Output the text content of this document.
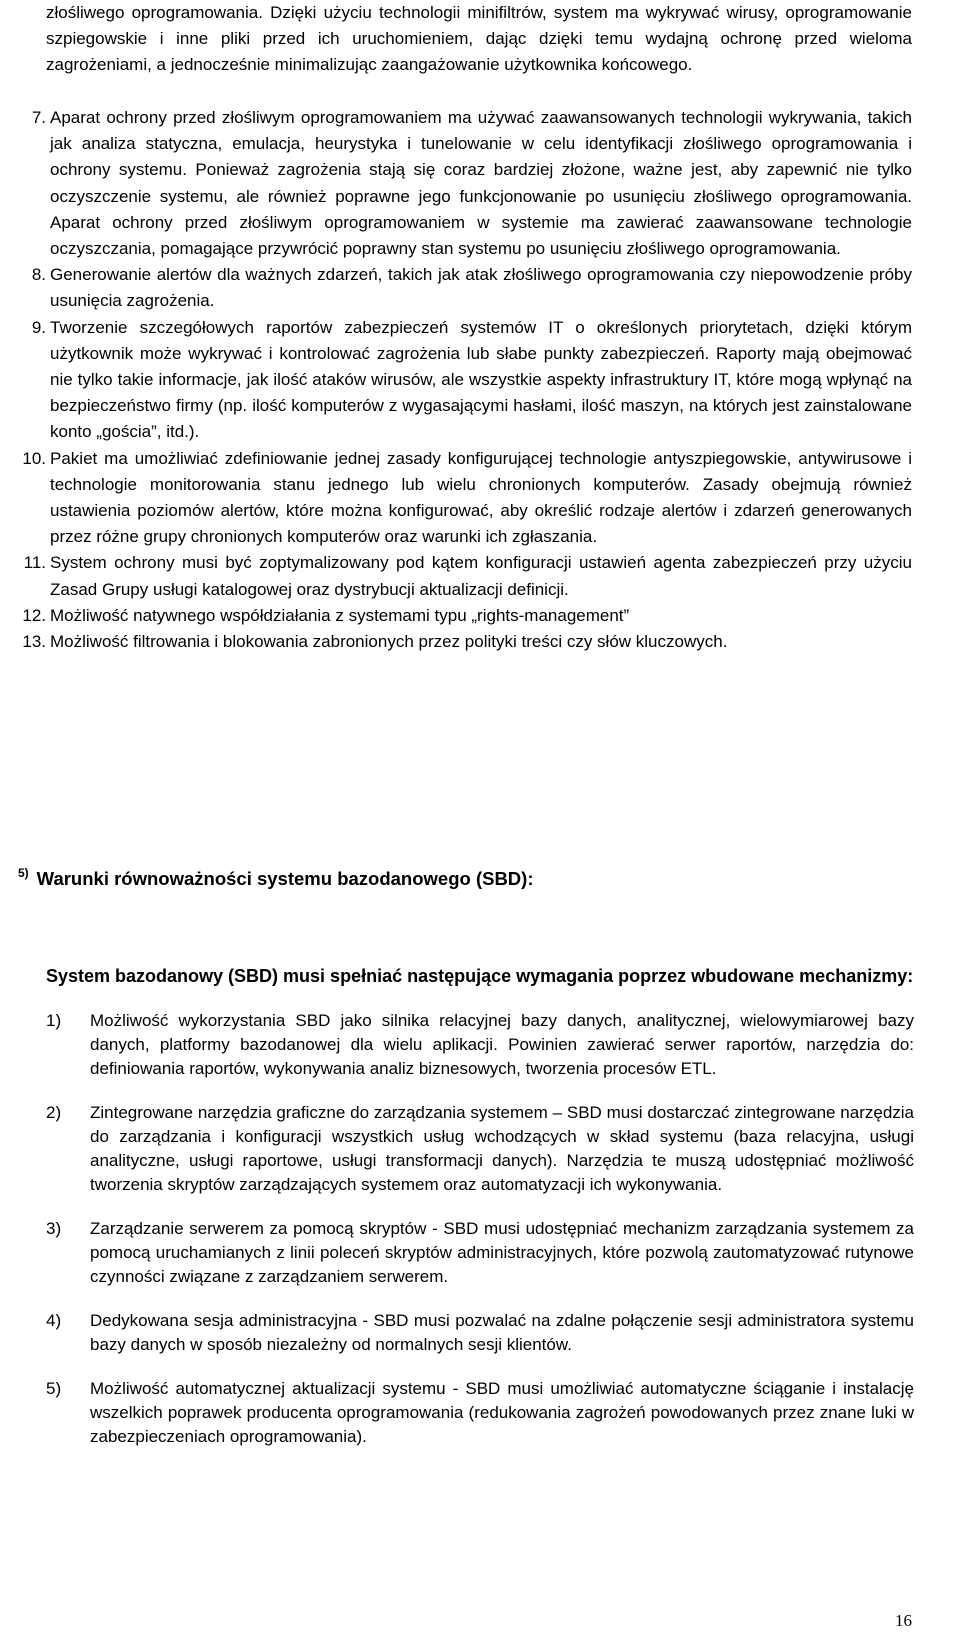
złośliwego oprogramowania. Dzięki użyciu technologii minifiltrów, system ma wykrywać wirusy, oprogramowanie szpiegowskie i inne pliki przed ich uruchomieniem, dając dzięki temu wydajną ochronę przed wieloma zagrożeniami, a jednocześnie minimalizując zaangażowanie użytkownika końcowego.

7. Aparat ochrony przed złośliwym oprogramowaniem ma używać zaawansowanych technologii wykrywania, takich jak analiza statyczna, emulacja, heurystyka i tunelowanie w celu identyfikacji złośliwego oprogramowania i ochrony systemu. Ponieważ zagrożenia stają się coraz bardziej złożone, ważne jest, aby zapewnić nie tylko oczyszczenie systemu, ale również poprawne jego funkcjonowanie po usunięciu złośliwego oprogramowania. Aparat ochrony przed złośliwym oprogramowaniem w systemie ma zawierać zaawansowane technologie oczyszczania, pomagające przywrócić poprawny stan systemu po usunięciu złośliwego oprogramowania.
8. Generowanie alertów dla ważnych zdarzeń, takich jak atak złośliwego oprogramowania czy niepowodzenie próby usunięcia zagrożenia.
9. Tworzenie szczegółowych raportów zabezpieczeń systemów IT o określonych priorytetach, dzięki którym użytkownik może wykrywać i kontrolować zagrożenia lub słabe punkty zabezpieczeń. Raporty mają obejmować nie tylko takie informacje, jak ilość ataków wirusów, ale wszystkie aspekty infrastruktury IT, które mogą wpłynąć na bezpieczeństwo firmy (np. ilość komputerów z wygasającymi hasłami, ilość maszyn, na których jest zainstalowane konto „gościa”, itd.).
10. Pakiet ma umożliwiać zdefiniowanie jednej zasady konfigurującej technologie antyszpiegowskie, antywirusowe i technologie monitorowania stanu jednego lub wielu chronionych komputerów. Zasady obejmują również ustawienia poziomów alertów, które można konfigurować, aby określić rodzaje alertów i zdarzeń generowanych przez różne grupy chronionych komputerów oraz warunki ich zgłaszania.
11. System ochrony musi być zoptymalizowany pod kątem konfiguracji ustawień agenta zabezpieczeń przy użyciu Zasad Grupy usługi katalogowej oraz dystrybucji aktualizacji definicji.
12. Możliwość natywnego współdziałania z systemami typu „rights-management”
13. Możliwość filtrowania i blokowania zabronionych przez polityki treści czy słów kluczowych.
$^{5)}$ Warunki równoważności systemu bazodanowego (SBD):

System bazodanowy (SBD) musi spełniać następujące wymagania poprzez wbudowane mechanizmy:

1)	Możliwość wykorzystania SBD jako silnika relacyjnej bazy danych, analitycznej, wielowymiarowej bazy danych, platformy bazodanowej dla wielu aplikacji. Powinien zawierać serwer raportów, narzędzia do: definiowania raportów, wykonywania analiz biznesowych, tworzenia procesów ETL.
2)	Zintegrowane narzędzia graficzne do zarządzania systemem – SBD musi dostarczać zintegrowane narzędzia do zarządzania i konfiguracji wszystkich usług wchodzących w skład systemu (baza relacyjna, usługi analityczne, usługi raportowe, usługi transformacji danych). Narzędzia te muszą udostępniać możliwość tworzenia skryptów zarządzających systemem oraz automatyzacji ich wykonywania.
3)	Zarządzanie serwerem za pomocą skryptów - SBD musi udostępniać mechanizm zarządzania systemem za pomocą uruchamianych z linii poleceń skryptów administracyjnych, które pozwolą zautomatyzować rutynowe czynności związane z zarządzaniem serwerem.
4)	Dedykowana sesja administracyjna - SBD musi pozwalać na zdalne połączenie sesji administratora systemu bazy danych w sposób niezależny od normalnych sesji klientów.
5)	Możliwość automatycznej aktualizacji systemu - SBD musi umożliwiać automatyczne ściąganie i instalację wszelkich poprawek producenta oprogramowania (redukowania zagrożeń powodowanych przez znane luki w zabezpieczeniach oprogramowania).
16
